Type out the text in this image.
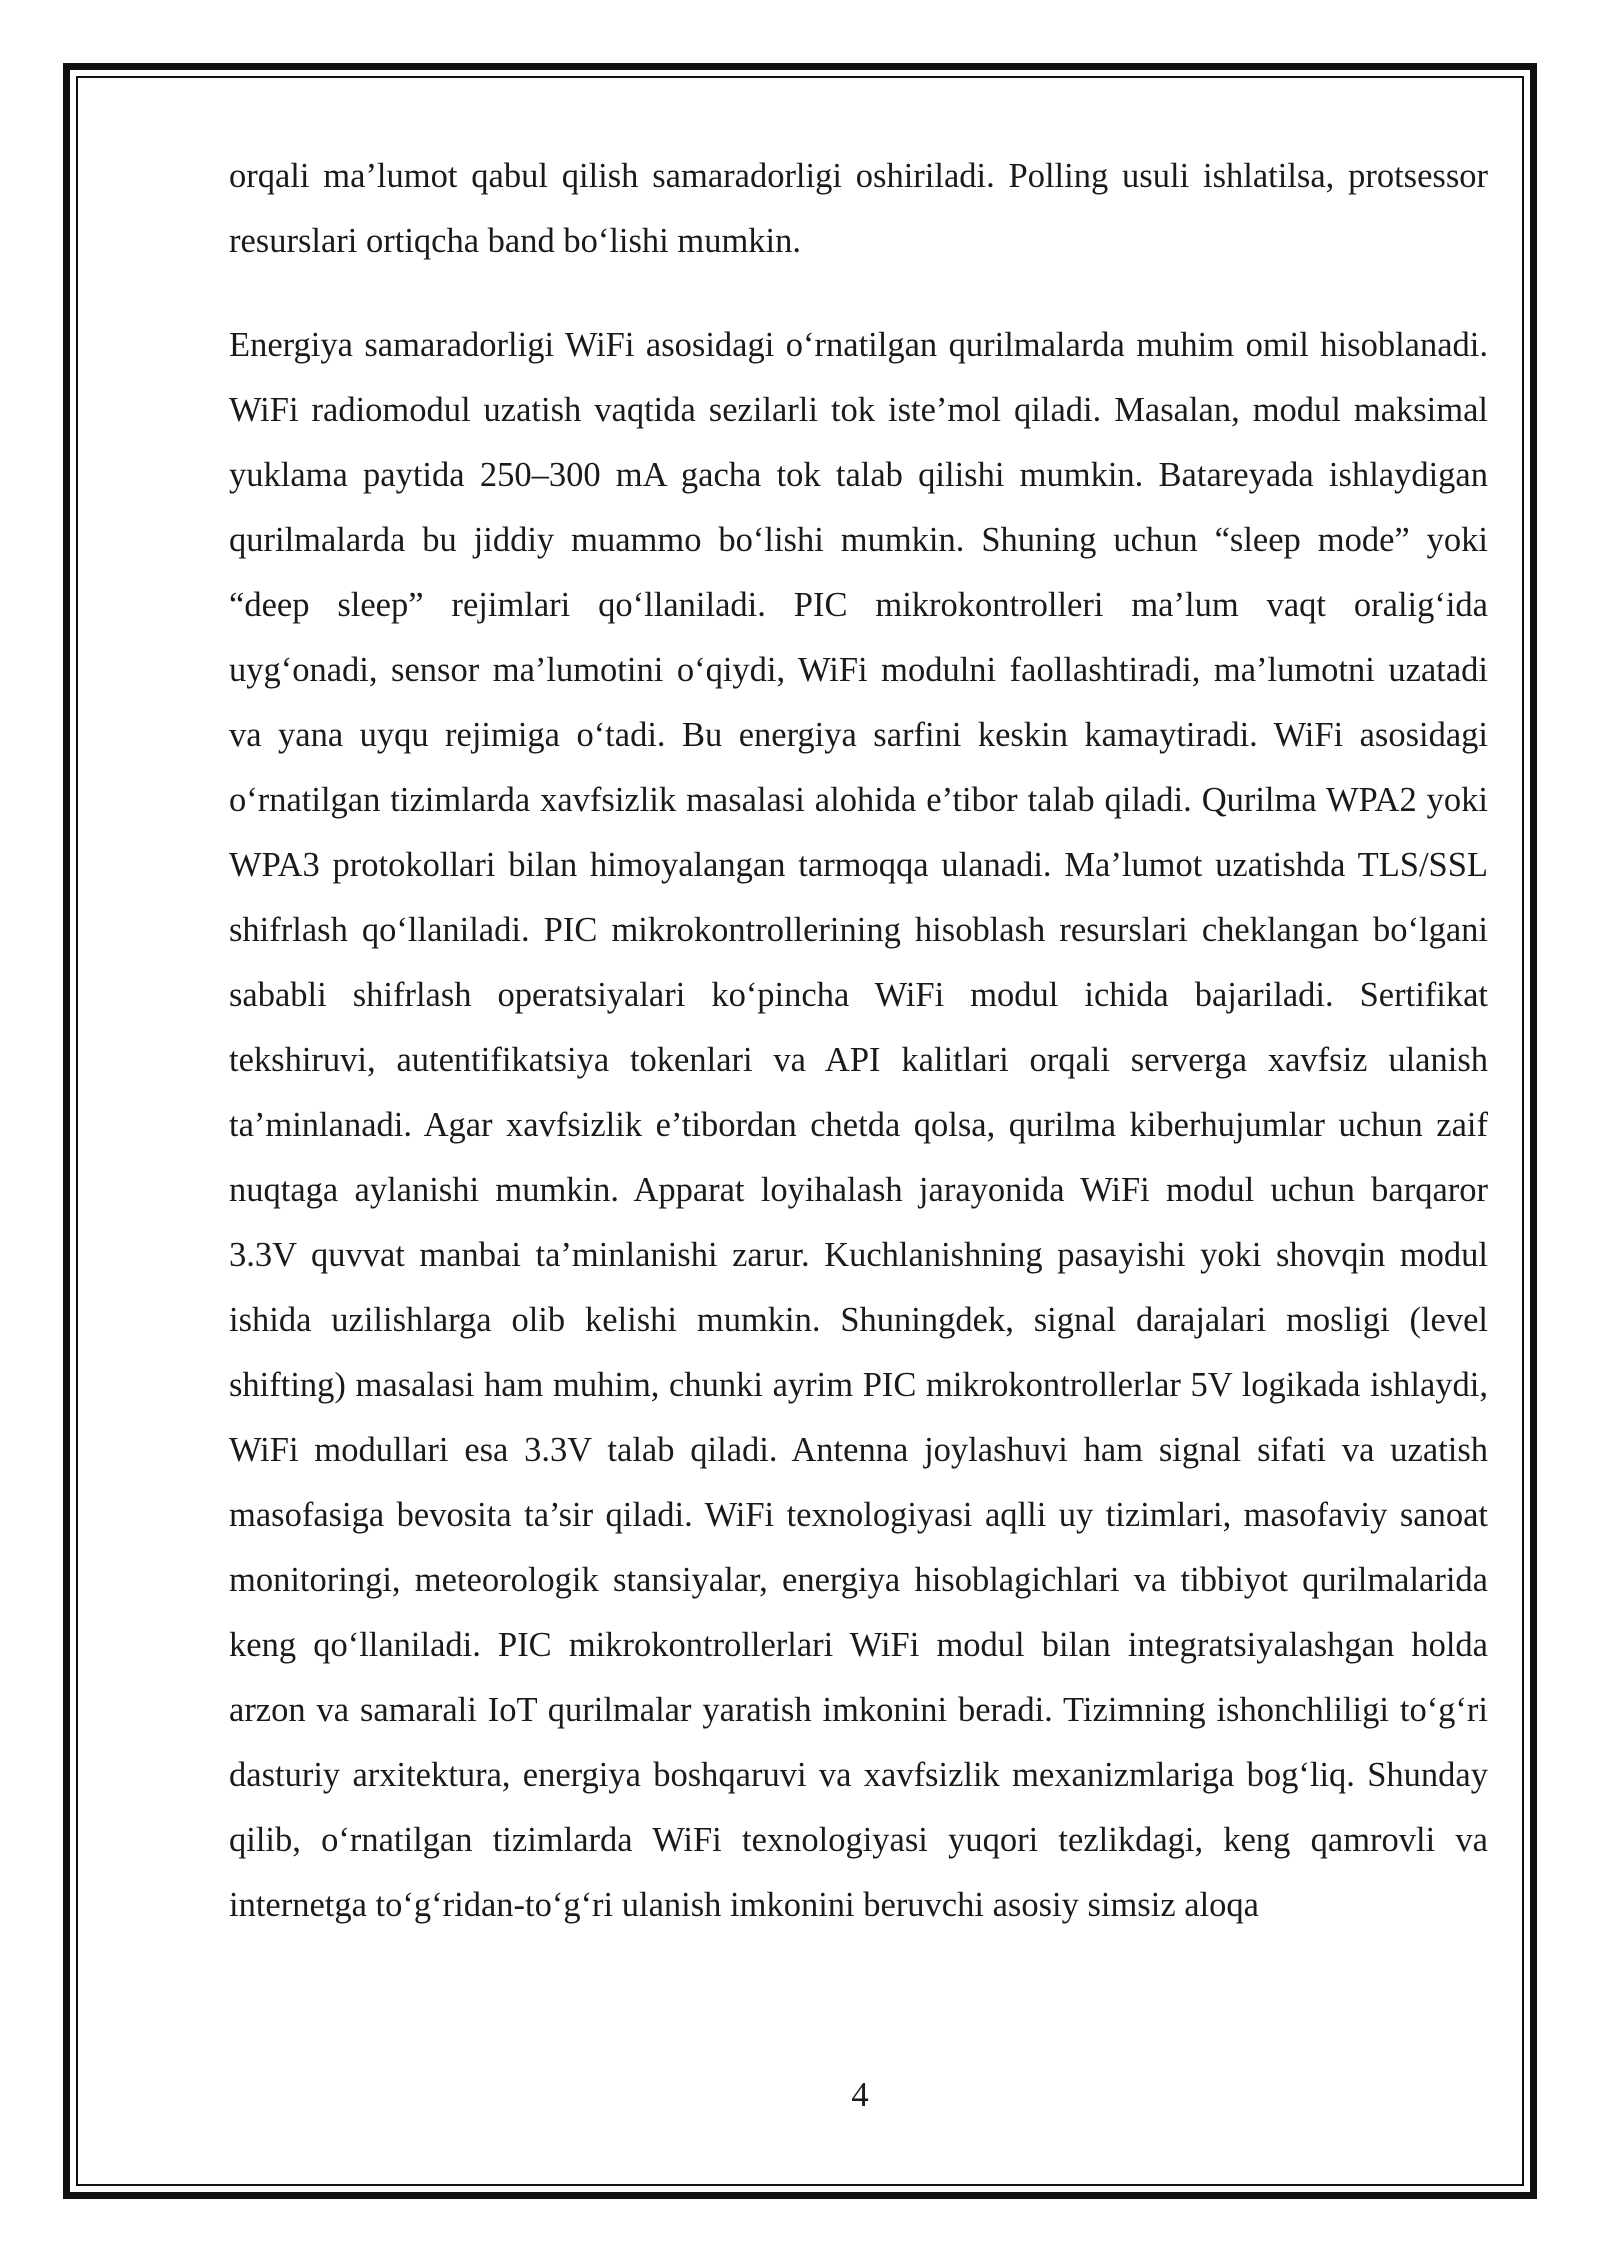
orqali ma’lumot qabul qilish samaradorligi oshiriladi. Polling usuli ishlatilsa, protsessor resurslari ortiqcha band bo‘lishi mumkin.

Energiya samaradorligi WiFi asosidagi o‘rnatilgan qurilmalarda muhim omil hisoblanadi. WiFi radiomodul uzatish vaqtida sezilarli tok iste’mol qiladi. Masalan, modul maksimal yuklama paytida 250–300 mA gacha tok talab qilishi mumkin. Batareyada ishlaydigan qurilmalarda bu jiddiy muammo bo‘lishi mumkin. Shuning uchun “sleep mode” yoki “deep sleep” rejimlari qo‘llaniladi. PIC mikrokontrolleri ma’lum vaqt oralig‘ida uyg‘onadi, sensor ma’lumotini o‘qiydi, WiFi modulni faollashtiradi, ma’lumotni uzatadi va yana uyqu rejimiga o‘tadi. Bu energiya sarfini keskin kamaytiradi. WiFi asosidagi o‘rnatilgan tizimlarda xavfsizlik masalasi alohida e’tibor talab qiladi. Qurilma WPA2 yoki WPA3 protokollari bilan himoyalangan tarmoqqa ulanadi. Ma’lumot uzatishda TLS/SSL shifrlash qo‘llaniladi. PIC mikrokontrollerining hisoblash resurslari cheklangan bo‘lgani sababli shifrlash operatsiyalari ko‘pincha WiFi modul ichida bajariladi. Sertifikat tekshiruvi, autentifikatsiya tokenlari va API kalitlari orqali serverga xavfsiz ulanish ta’minlanadi. Agar xavfsizlik e’tibordan chetda qolsa, qurilma kiberhujumlar uchun zaif nuqtaga aylanishi mumkin. Apparat loyihalash jarayonida WiFi modul uchun barqaror 3.3V quvvat manbai ta’minlanishi zarur. Kuchlanishning pasayishi yoki shovqin modul ishida uzilishlarga olib kelishi mumkin. Shuningdek, signal darajalari mosligi (level shifting) masalasi ham muhim, chunki ayrim PIC mikrokontrollerlar 5V logikada ishlaydi, WiFi modullari esa 3.3V talab qiladi. Antenna joylashuvi ham signal sifati va uzatish masofasiga bevosita ta’sir qiladi. WiFi texnologiyasi aqlli uy tizimlari, masofaviy sanoat monitoringi, meteorologik stansiyalar, energiya hisoblagichlari va tibbiyot qurilmalarida keng qo‘llaniladi. PIC mikrokontrollerlari WiFi modul bilan integratsiyalashgan holda arzon va samarali IoT qurilmalar yaratish imkonini beradi. Tizimning ishonchliligi to‘g‘ri dasturiy arxitektura, energiya boshqaruvi va xavfsizlik mexanizmlariga bog‘liq. Shunday qilib, o‘rnatilgan tizimlarda WiFi texnologiyasi yuqori tezlikdagi, keng qamrovli va internetga to‘g‘ridan-to‘g‘ri ulanish imkonini beruvchi asosiy simsiz aloqa

4
